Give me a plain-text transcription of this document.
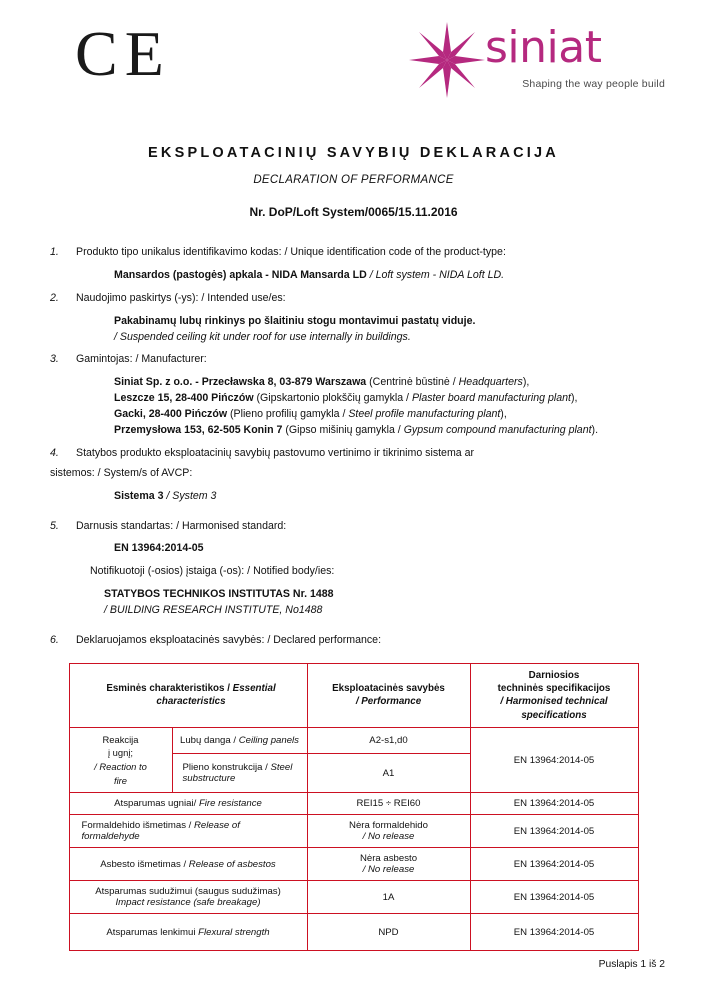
CE	siniat
Shaping the way people build
EKSPLOATACINIŲ SAVYBIŲ DEKLARACIJA
DECLARATION OF PERFORMANCE
Nr. DoP/Loft System/0065/15.11.2016
1.	Produkto tipo unikalus identifikavimo kodas: / Unique identification code of the product-type:
Mansardos (pastogės) apkala - NIDA Mansarda LD / Loft system - NIDA Loft LD.
2.	Naudojimo paskirtys (-ys): / Intended use/es:
Pakabinamų lubų rinkinys po šlaitiniu stogu montavimui pastatų viduje.
/ Suspended ceiling kit under roof for use internally in buildings.
3.	Gamintojas: / Manufacturer:
Siniat Sp. z o.o. - Przecławska 8, 03-879 Warszawa (Centrinė būstinė / Headquarters),
Leszcze 15, 28-400 Pińczów (Gipskartonio plokščių gamykla / Plaster board manufacturing plant),
Gacki, 28-400 Pińczów (Plieno profilių gamykla / Steel profile manufacturing plant),
Przemysłowa 153, 62-505 Konin 7 (Gipso mišinių gamykla / Gypsum compound manufacturing plant).
4.	Statybos produkto eksploatacinių savybių pastovumo vertinimo ir tikrinimo sistema ar
sistemos: / System/s of AVCP:
Sistema 3 / System 3
5.	Darnusis standartas: / Harmonised standard:
EN 13964:2014-05
Notifikuotoji (-osios) įstaiga (-os): / Notified body/ies:
STATYBOS TECHNIKOS INSTITUTAS Nr. 1488
/ BUILDING RESEARCH INSTITUTE, No1488
6.	Deklaruojamos eksploatacinės savybės: / Declared performance:
Esminės charakteristikos / Essential characteristics		Eksploatacinės savybės
/ Performance	Darniosios
techninės specifikacijos
/ Harmonised technical
specifications

Reakcija
į ugnį;
/ Reaction to
fire	Lubų danga / Ceiling panels	A2-s1,d0	EN 13964:2014-05
	Plieno konstrukcija / Steel substructure	A1	
Atsparumas ugniai/ Fire resistance		REI15 ÷ REI60	EN 13964:2014-05
Formaldehido išmetimas / Release of formaldehyde		Nėra formaldehido
/ No release	EN 13964:2014-05
Asbesto išmetimas / Release of asbestos		Nėra asbesto
/ No release	EN 13964:2014-05

Atsparumas sudužimui (saugus sudužimas)
Impact resistance (safe breakage)		1A	EN 13964:2014-05
Atsparumas lenkimui Flexural strength		NPD	EN 13964:2014-05
Puslapis 1 iš 2
